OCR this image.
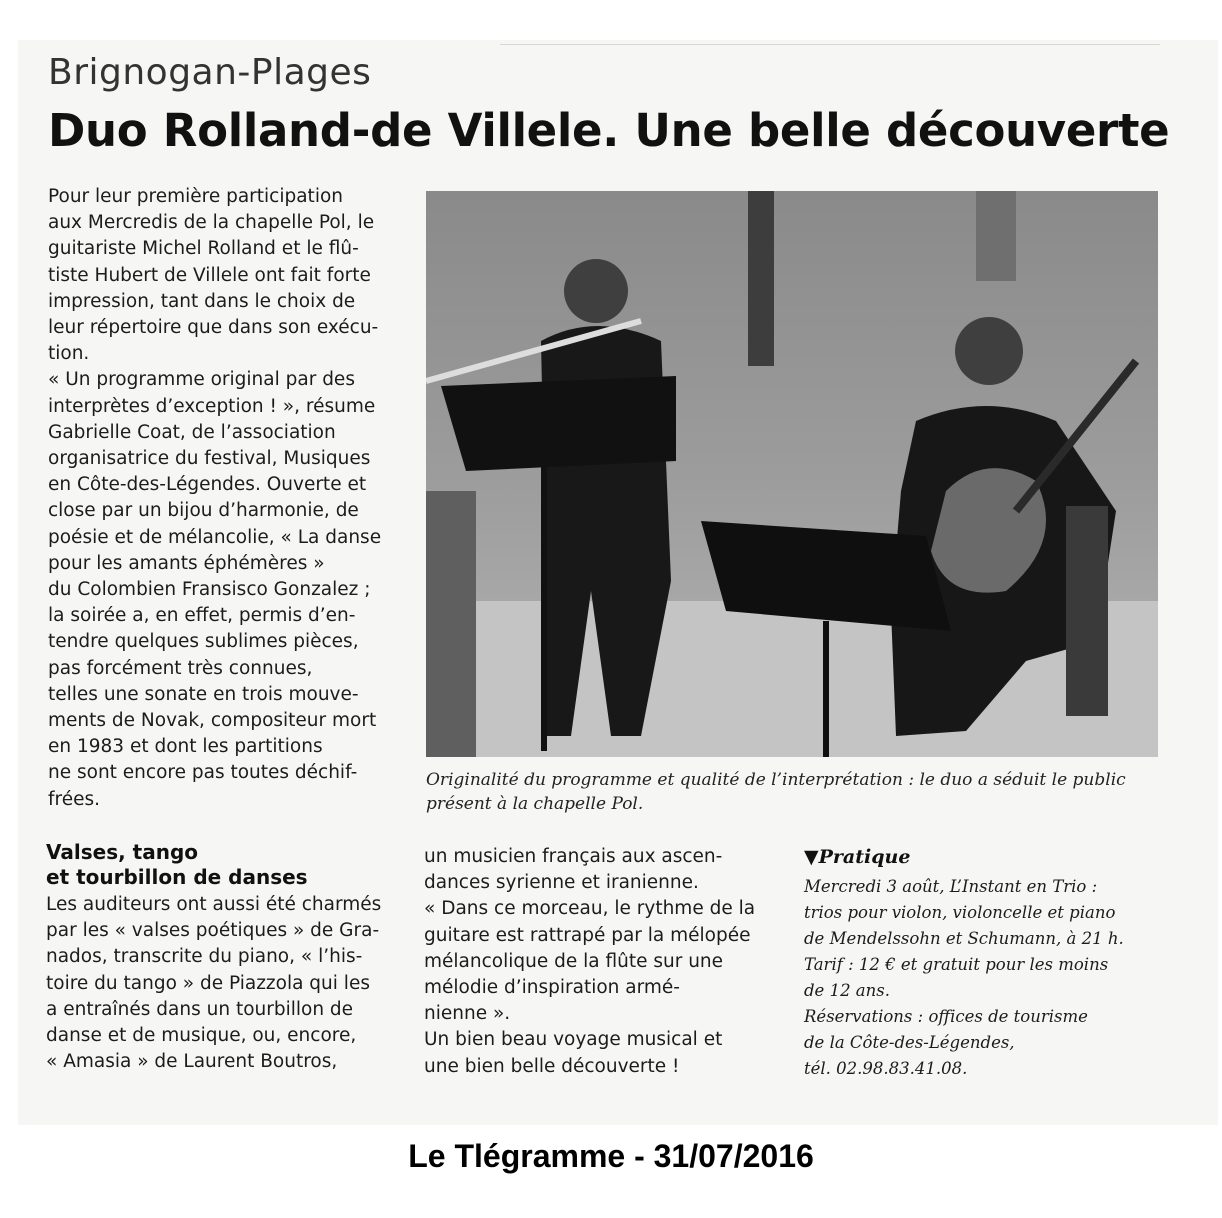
Brignogan-Plages
Duo Rolland-de Villele. Une belle découverte

Pour leur première participation

aux Mercredis de la chapelle Pol, le

guitariste Michel Rolland et le flû-

tiste Hubert de Villele ont fait forte

impression, tant dans le choix de

leur répertoire que dans son exécu-

tion.

« Un programme original par des

interprètes d’exception ! », résume

Gabrielle Coat, de l’association

organisatrice du festival, Musiques

en Côte-des-Légendes. Ouverte et

close par un bijou d’harmonie, de

poésie et de mélancolie, « La danse

pour les amants éphémères »

du Colombien Fransisco Gonzalez ;

la soirée a, en effet, permis d’en-

tendre quelques sublimes pièces,

pas forcément très connues,

telles une sonate en trois mouve-

ments de Novak, compositeur mort

en 1983 et dont les partitions

ne sont encore pas toutes déchif-

frées.

Valses, tango
et tourbillon de danses

Les auditeurs ont aussi été charmés

par les « valses poétiques » de Gra-

nados, transcrite du piano, « l’his-

toire du tango » de Piazzola qui les

a entraînés dans un tourbillon de

danse et de musique, ou, encore,

« Amasia » de Laurent Boutros,

Originalité du programme et qualité de l’interprétation : le duo a séduit le public
présent à la chapelle Pol.

un musicien français aux ascen-

dances syrienne et iranienne.

« Dans ce morceau, le rythme de la

guitare est rattrapé par la mélopée

mélancolique de la flûte sur une

mélodie d’inspiration armé-

nienne ».

Un bien beau voyage musical et

une bien belle découverte !

▼Pratique
Mercredi 3 août, L’Instant en Trio :
trios pour violon, violoncelle et piano
de Mendelssohn et Schumann, à 21 h.
Tarif : 12 € et gratuit pour les moins
de 12 ans.
Réservations : offices de tourisme
de la Côte-des-Légendes,
tél. 02.98.83.41.08.
Le Tlégramme - 31/07/2016
